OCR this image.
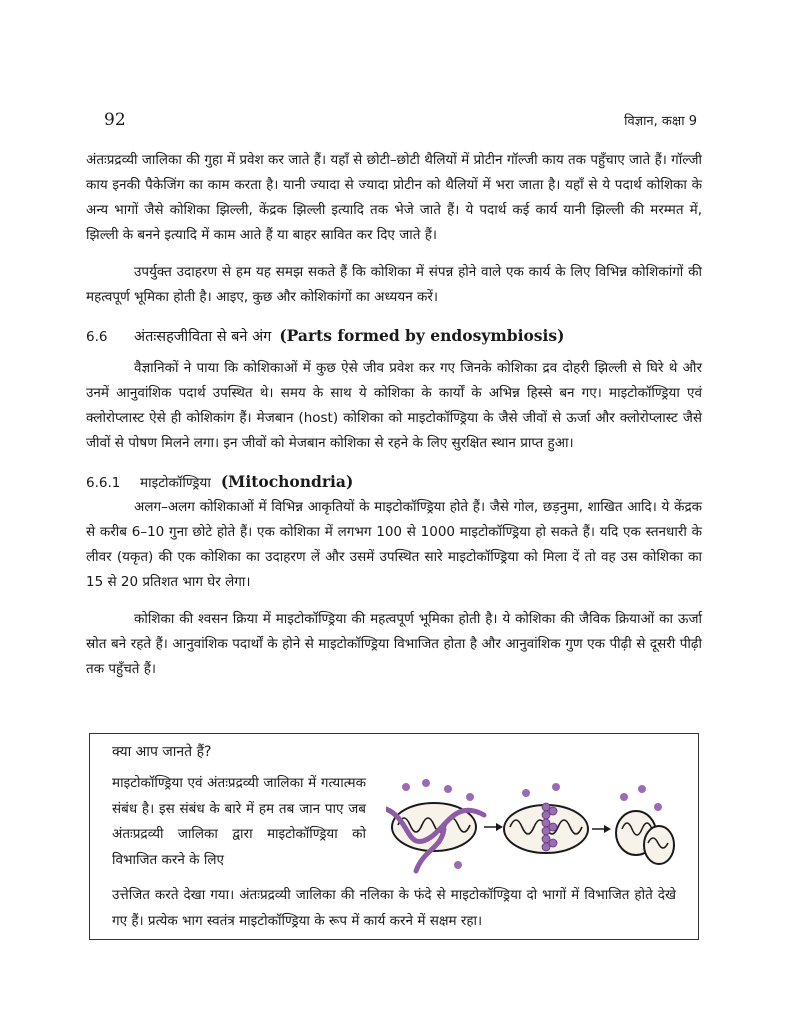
92	विज्ञान, कक्षा 9

अंतःप्रद्रव्यी जालिका की गुहा में प्रवेश कर जाते हैं। यहाँ से छोटी–छोटी थैलियों में प्रोटीन गॉल्जी काय तक पहुँचाए जाते हैं। गॉल्जी काय इनकी पैकेजिंग का काम करता है। यानी ज्यादा से ज्यादा प्रोटीन को थैलियों में भरा जाता है। यहाँ से ये पदार्थ कोशिका के अन्य भागों जैसे कोशिका झिल्ली, केंद्रक झिल्ली इत्यादि तक भेजे जाते हैं। ये पदार्थ कई कार्य यानी झिल्ली की मरम्मत में, झिल्ली के बनने इत्यादि में काम आते हैं या बाहर स्रावित कर दिए जाते हैं।

उपर्युक्त उदाहरण से हम यह समझ सकते हैं कि कोशिका में संपन्न होने वाले एक कार्य के लिए विभिन्न कोशिकांगों की महत्वपूर्ण भूमिका होती है। आइए, कुछ और कोशिकांगों का अध्ययन करें।

6.6	अंतःसहजीविता से बने अंग (Parts formed by endosymbiosis)

वैज्ञानिकों ने पाया कि कोशिकाओं में कुछ ऐसे जीव प्रवेश कर गए जिनके कोशिका द्रव दोहरी झिल्ली से घिरे थे और उनमें आनुवांशिक पदार्थ उपस्थित थे। समय के साथ ये कोशिका के कार्यों के अभिन्न हिस्से बन गए। माइटोकॉण्ड्रिया एवं क्लोरोप्लास्ट ऐसे ही कोशिकांग हैं। मेजबान (host) कोशिका को माइटोकॉण्ड्रिया के जैसे जीवों से ऊर्जा और क्लोरोप्लास्ट जैसे जीवों से पोषण मिलने लगा। इन जीवों को मेजबान कोशिका से रहने के लिए सुरक्षित स्थान प्राप्त हुआ।

6.6.1	माइटोकॉण्ड्रिया (Mitochondria)

अलग–अलग कोशिकाओं में विभिन्न आकृतियों के माइटोकॉण्ड्रिया होते हैं। जैसे गोल, छड़नुमा, शाखित आदि। ये केंद्रक से करीब 6–10 गुना छोटे होते हैं। एक कोशिका में लगभग 100 से 1000 माइटोकॉण्ड्रिया हो सकते हैं। यदि एक स्तनधारी के लीवर (यकृत) की एक कोशिका का उदाहरण लें और उसमें उपस्थित सारे माइटोकॉण्ड्रिया को मिला दें तो वह उस कोशिका का 15 से 20 प्रतिशत भाग घेर लेगा।

कोशिका की श्वसन क्रिया में माइटोकॉण्ड्रिया की महत्वपूर्ण भूमिका होती है। ये कोशिका की जैविक क्रियाओं का ऊर्जा स्रोत बने रहते हैं। आनुवांशिक पदार्थों के होने से माइटोकॉण्ड्रिया विभाजित होता है और आनुवांशिक गुण एक पीढ़ी से दूसरी पीढ़ी तक पहुँचते हैं।

क्या आप जानते हैं?

माइटोकॉण्ड्रिया एवं अंतःप्रद्रव्यी जालिका में गत्यात्मक संबंध है। इस संबंध के बारे में हम तब जान पाए जब अंतःप्रद्रव्यी जालिका द्वारा माइटोकॉण्ड्रिया को विभाजित करने के लिए

उत्तेजित करते देखा गया। अंतःप्रद्रव्यी जालिका की नलिका के फंदे से माइटोकॉण्ड्रिया दो भागों में विभाजित होते देखे गए हैं। प्रत्येक भाग स्वतंत्र माइटोकॉण्ड्रिया के रूप में कार्य करने में सक्षम रहा।
